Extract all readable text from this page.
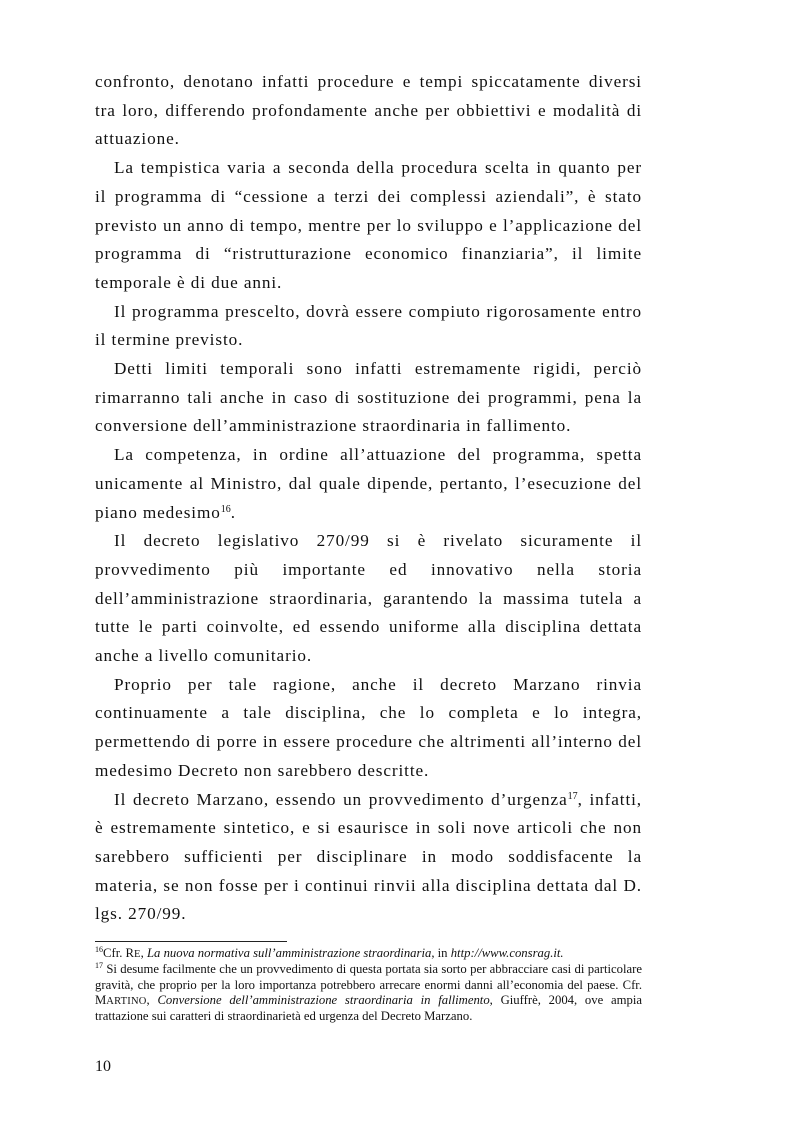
confronto, denotano infatti procedure e tempi spiccatamente diversi tra loro, differendo profondamente anche per obbiettivi e modalità di attuazione.

La tempistica varia a seconda della procedura scelta in quanto per il programma di “cessione a terzi dei complessi aziendali”, è stato previsto un anno di tempo, mentre per lo sviluppo e l’applicazione del programma di “ristrutturazione economico finanziaria”, il limite temporale è di due anni.

Il programma prescelto, dovrà essere compiuto rigorosamente entro il termine previsto.

Detti limiti temporali sono infatti estremamente rigidi, perciò rimarranno tali anche in caso di sostituzione dei programmi, pena la conversione dell’amministrazione straordinaria in fallimento.

La competenza, in ordine all’attuazione del programma, spetta unicamente al Ministro, dal quale dipende, pertanto, l’esecuzione del piano medesimo$^{16}$.

Il decreto legislativo 270/99 si è rivelato sicuramente il provvedimento più importante ed innovativo nella storia dell’amministrazione straordinaria, garantendo la massima tutela a tutte le parti coinvolte, ed essendo uniforme alla disciplina dettata anche a livello comunitario.

Proprio per tale ragione, anche il decreto Marzano rinvia continuamente a tale disciplina, che lo completa e lo integra, permettendo di porre in essere procedure che altrimenti all’interno del medesimo Decreto non sarebbero descritte.

Il decreto Marzano, essendo un provvedimento d’urgenza$^{17}$, infatti, è estremamente sintetico, e si esaurisce in soli nove articoli che non sarebbero sufficienti per disciplinare in modo soddisfacente la materia, se non fosse per i continui rinvii alla disciplina dettata dal D. lgs. 270/99.

$^{16}$Cfr. RE, La nuova normativa sull’amministrazione straordinaria, in http://www.consrag.it.

$^{17}$ Si desume facilmente che un provvedimento di questa portata sia sorto per abbracciare casi di particolare gravità, che proprio per la loro importanza potrebbero arrecare enormi danni all’economia del paese. Cfr. MARTINO, Conversione dell’amministrazione straordinaria in fallimento, Giuffrè, 2004, ove ampia trattazione sui caratteri di straordinarietà ed urgenza del Decreto Marzano.

10
